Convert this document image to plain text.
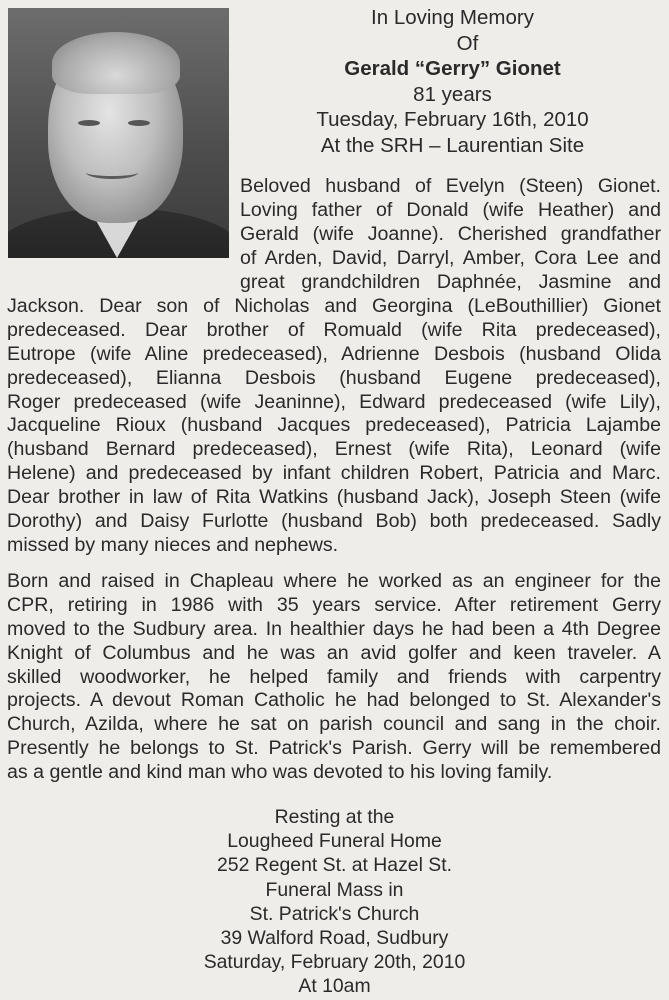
In Loving Memory
Of
Gerald “Gerry” Gionet
81 years
Tuesday, February 16th, 2010
At the SRH – Laurentian Site
Beloved husband of Evelyn (Steen) Gionet.
Loving father of Donald (wife Heather) and
Gerald (wife Joanne). Cherished grandfather
of Arden, David, Darryl, Amber, Cora Lee and
great grandchildren Daphnée, Jasmine and
Jackson. Dear son of Nicholas and Georgina (LeBouthillier) Gionet
predeceased. Dear brother of Romuald (wife Rita predeceased),
Eutrope (wife Aline predeceased), Adrienne Desbois (husband Olida
predeceased), Elianna Desbois (husband Eugene predeceased),
Roger predeceased (wife Jeaninne), Edward predeceased (wife Lily),
Jacqueline Rioux (husband Jacques predeceased), Patricia Lajambe
(husband Bernard predeceased), Ernest (wife Rita), Leonard (wife
Helene) and predeceased by infant children Robert, Patricia and Marc.
Dear brother in law of Rita Watkins (husband Jack), Joseph Steen (wife
Dorothy) and Daisy Furlotte (husband Bob) both predeceased. Sadly
missed by many nieces and nephews.
Born and raised in Chapleau where he worked as an engineer for the
CPR, retiring in 1986 with 35 years service. After retirement Gerry
moved to the Sudbury area. In healthier days he had been a 4th Degree
Knight of Columbus and he was an avid golfer and keen traveler. A
skilled woodworker, he helped family and friends with carpentry
projects. A devout Roman Catholic he had belonged to St. Alexander's
Church, Azilda, where he sat on parish council and sang in the choir.
Presently he belongs to St. Patrick's Parish. Gerry will be remembered
as a gentle and kind man who was devoted to his loving family.
Resting at the
Lougheed Funeral Home
252 Regent St. at Hazel St.
Funeral Mass in
St. Patrick's Church
39 Walford Road, Sudbury
Saturday, February 20th, 2010
At 10am
